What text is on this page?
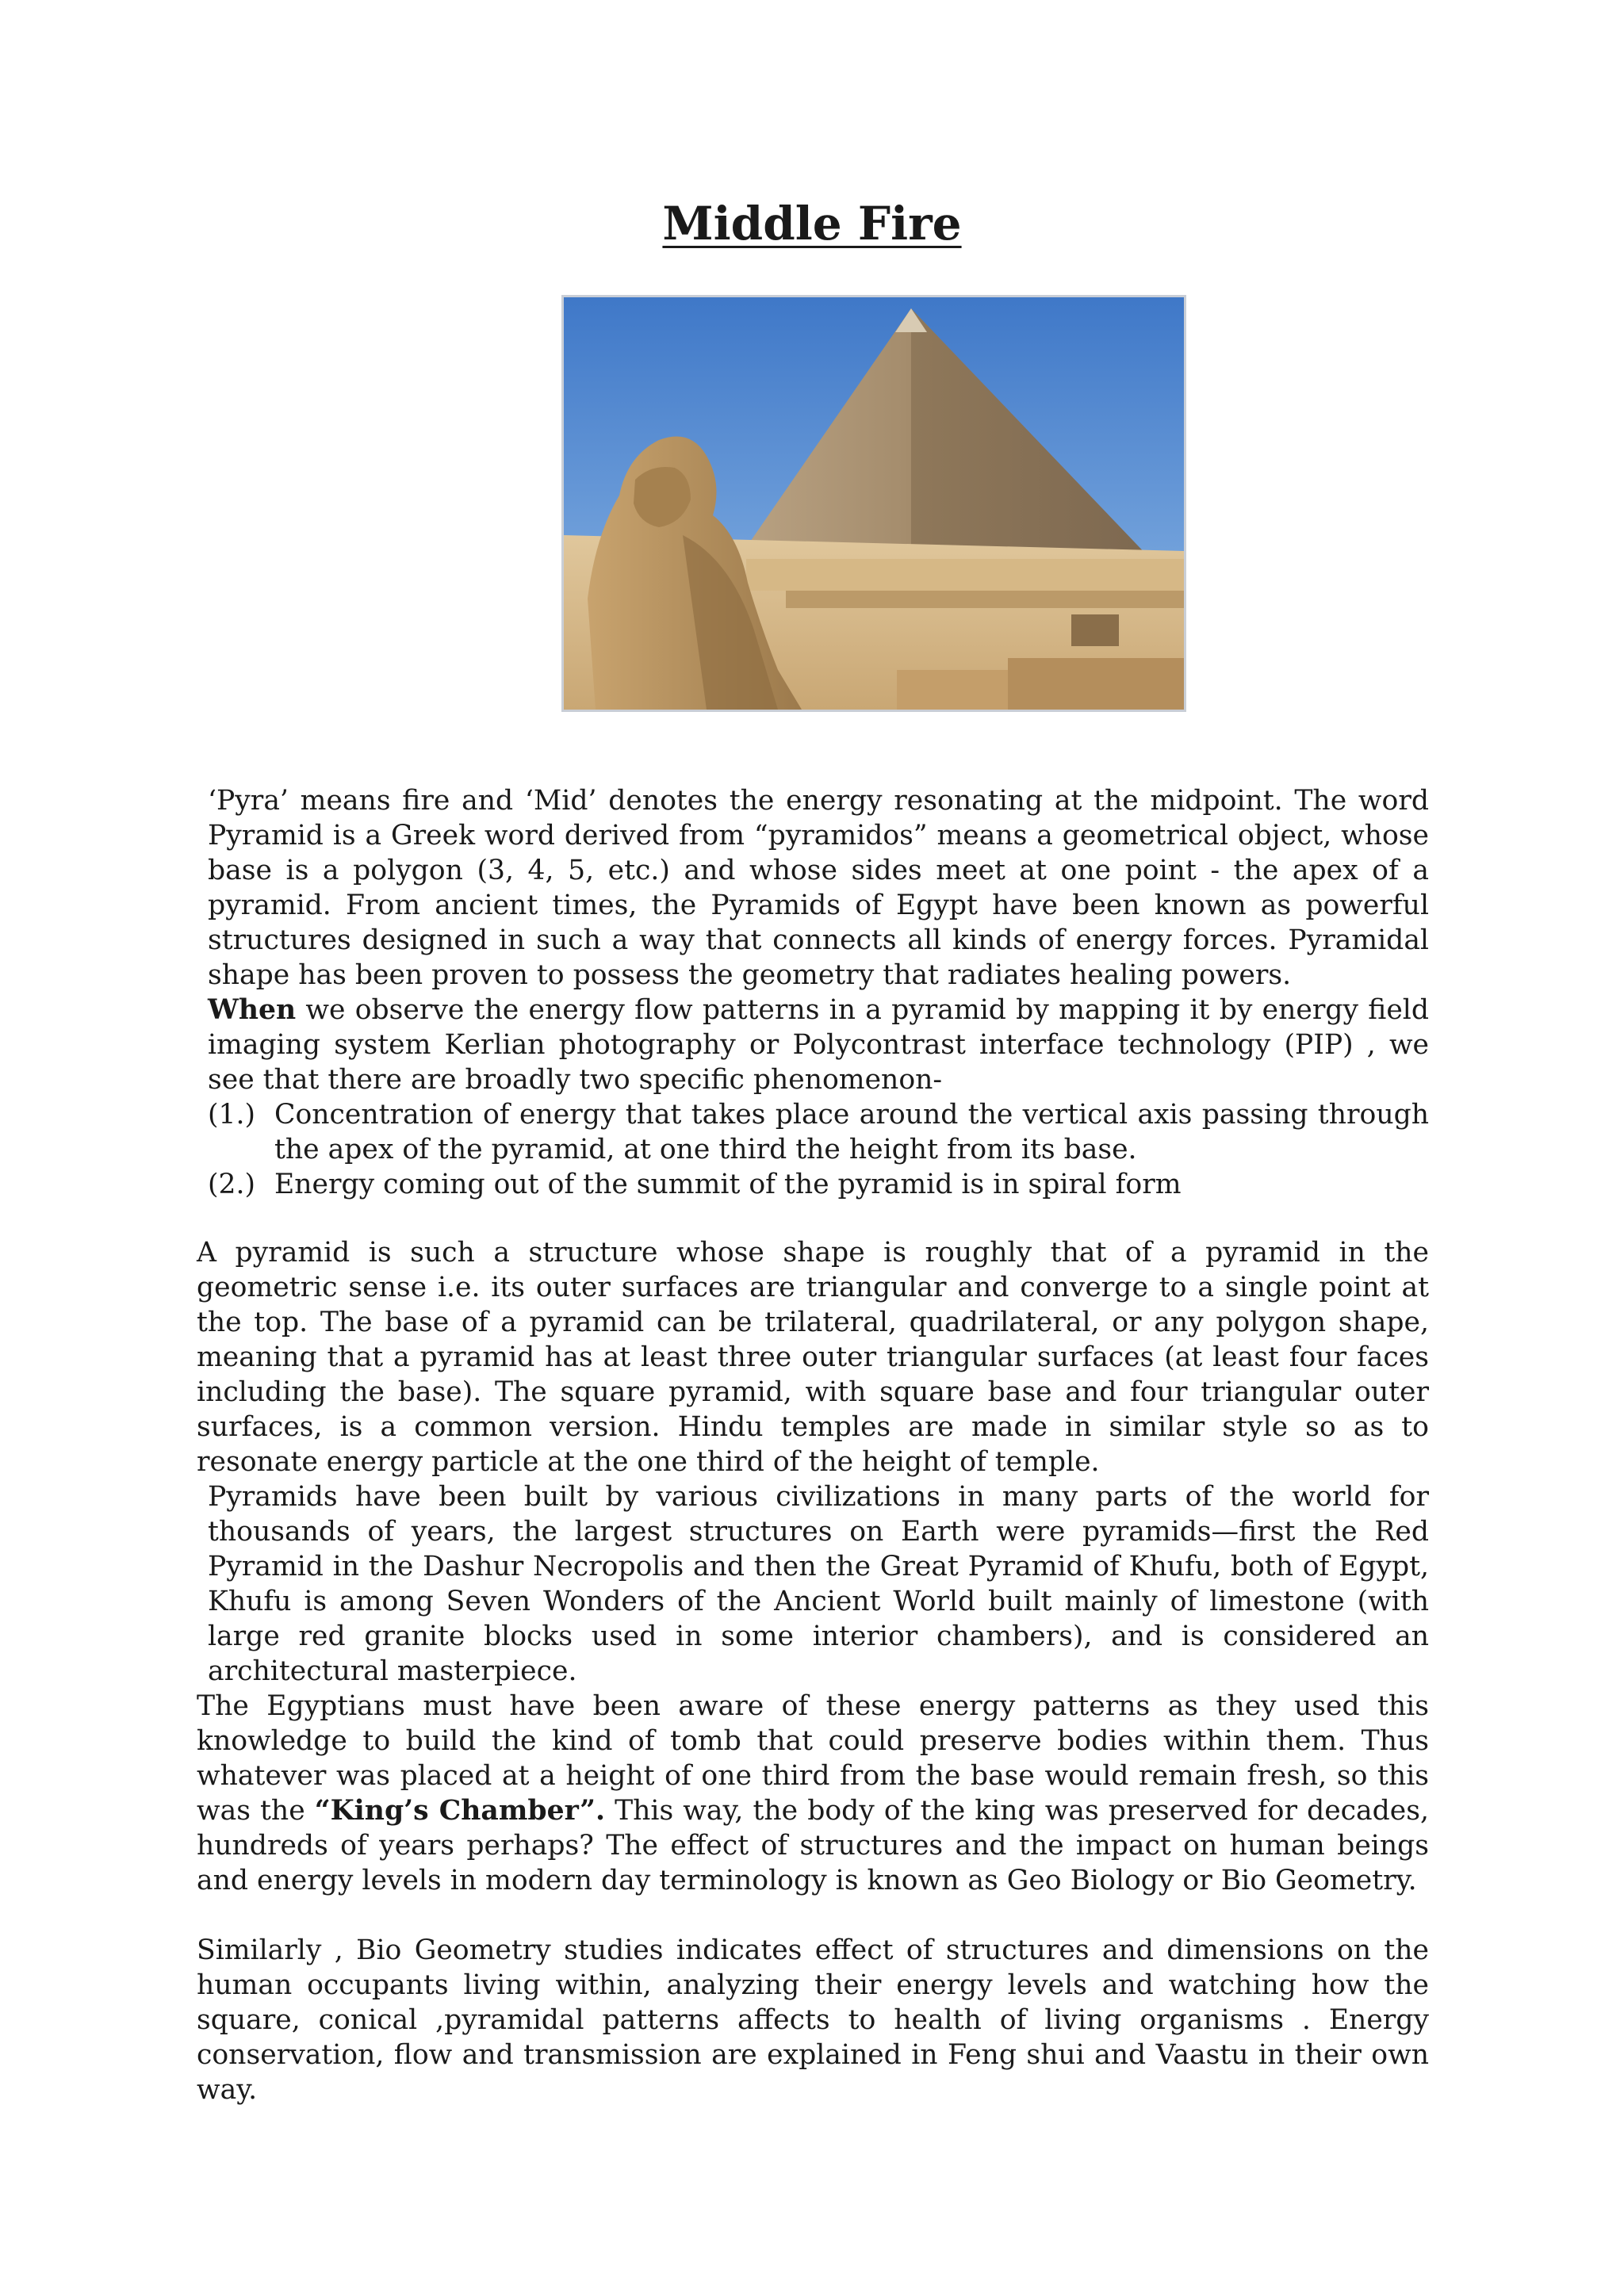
Middle Fire

‘Pyra’ means fire and ‘Mid’ denotes the energy resonating at the midpoint. The word Pyramid is a Greek word derived from “pyramidos” means a geometrical object, whose base is a polygon (3, 4, 5, etc.) and whose sides meet at one point - the apex of a pyramid. From ancient times, the Pyramids of Egypt have been known as powerful structures designed in such a way that connects all kinds of energy forces. Pyramidal shape has been proven to possess the geometry that radiates healing powers.
When we observe the energy flow patterns in a pyramid by mapping it by energy field imaging system Kerlian photography or Polycontrast interface technology (PIP) , we see that there are broadly two specific phenomenon-

(1.) Concentration of energy that takes place around the vertical axis passing through the apex of the pyramid, at one third the height from its base.
(2.) Energy coming out of the summit of the pyramid is in spiral form

A pyramid is such a structure whose shape is roughly that of a pyramid in the geometric sense i.e. its outer surfaces are triangular and converge to a single point at the top. The base of a pyramid can be trilateral, quadrilateral, or any polygon shape, meaning that a pyramid has at least three outer triangular surfaces (at least four faces including the base). The square pyramid, with square base and four triangular outer surfaces, is a common version. Hindu temples are made in similar style so as to resonate energy particle at the one third of the height of temple.

Pyramids have been built by various civilizations in many parts of the world for thousands of years, the largest structures on Earth were pyramids—first the Red Pyramid in the Dashur Necropolis and then the Great Pyramid of Khufu, both of Egypt, Khufu is among Seven Wonders of the Ancient World built mainly of limestone (with large red granite blocks used in some interior chambers), and is considered an architectural masterpiece.

The Egyptians must have been aware of these energy patterns as they used this knowledge to build the kind of tomb that could preserve bodies within them. Thus whatever was placed at a height of one third from the base would remain fresh, so this was the “King’s Chamber”. This way, the body of the king was preserved for decades, hundreds of years perhaps? The effect of structures and the impact on human beings and energy levels in modern day terminology is known as Geo Biology or Bio Geometry.

Similarly , Bio Geometry studies indicates effect of structures and dimensions on the human occupants living within, analyzing their energy levels and watching how the square, conical ,pyramidal patterns affects to health of living organisms . Energy conservation, flow and transmission are explained in Feng shui and Vaastu in their own way.
